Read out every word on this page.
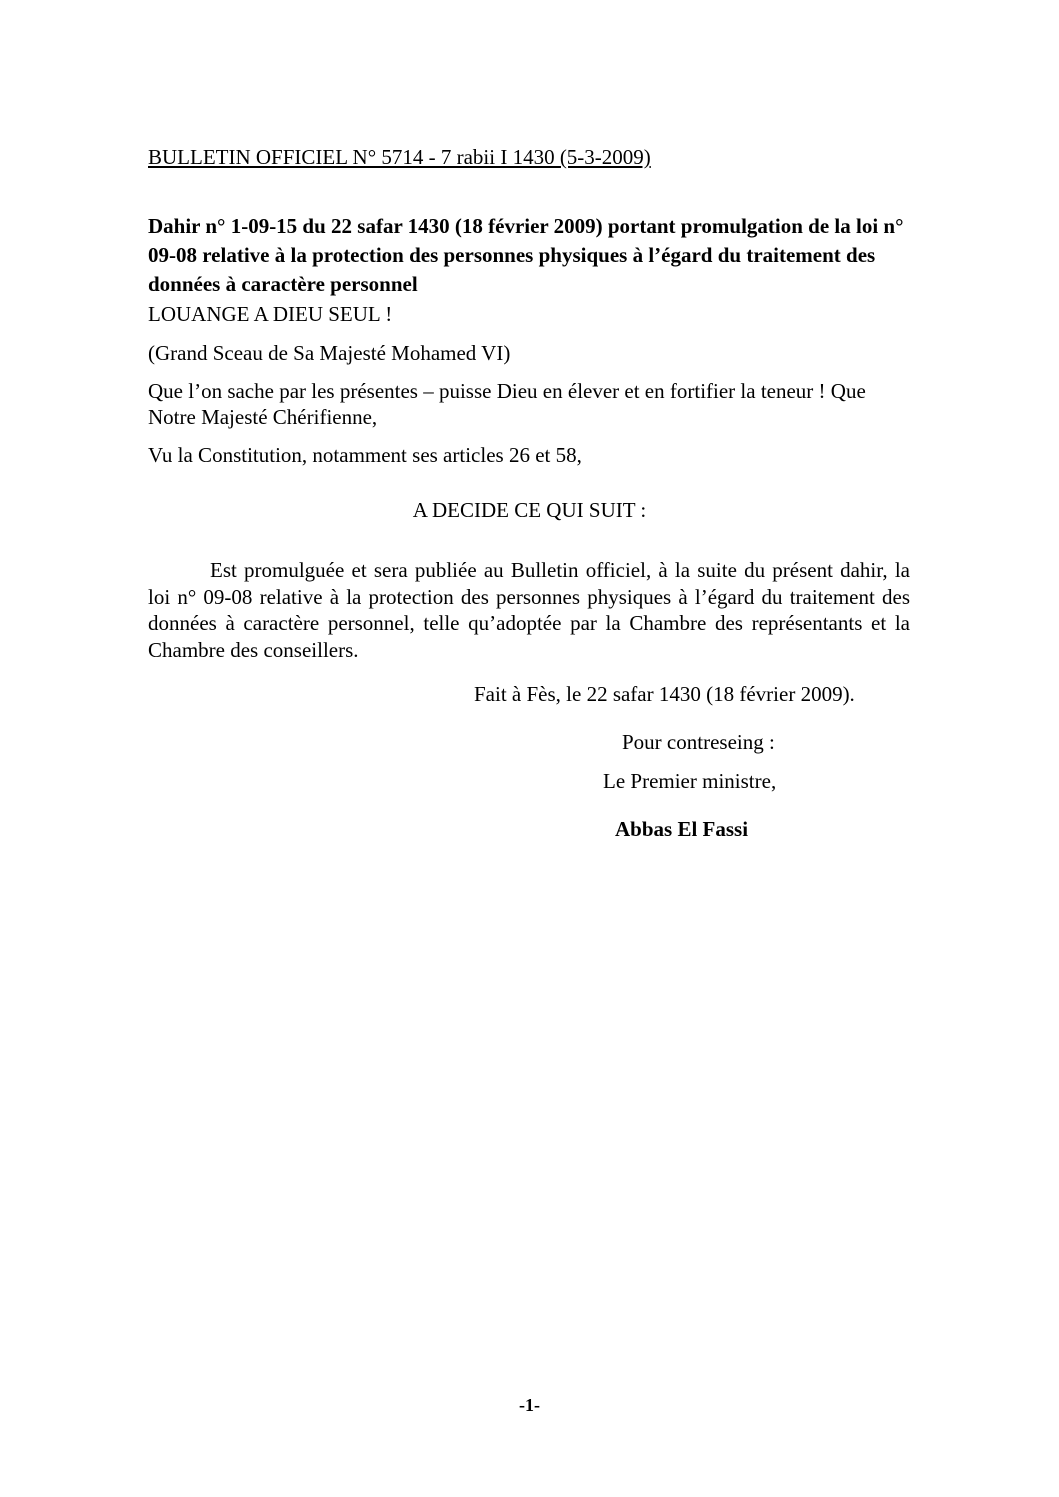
BULLETIN OFFICIEL N° 5714 - 7 rabii I 1430 (5-3-2009)

Dahir n° 1-09-15 du 22 safar 1430 (18 février 2009) portant promulgation de la loi n° 09-08 relative à la protection des personnes physiques à l’égard du traitement des données à caractère personnel

LOUANGE A DIEU SEUL !

(Grand Sceau de Sa Majesté Mohamed VI)

Que l’on sache par les présentes – puisse Dieu en élever et en fortifier la teneur ! Que Notre Majesté Chérifienne,

Vu la Constitution, notamment ses articles 26 et 58,

A DECIDE CE QUI SUIT :

Est promulguée et sera publiée au Bulletin officiel, à la suite du présent dahir, la loi n° 09-08 relative à la protection des personnes physiques à l’égard du traitement des données à caractère personnel, telle qu’adoptée par la Chambre des représentants et la Chambre des conseillers.

Fait à Fès, le 22 safar 1430 (18 février 2009).

Pour contreseing :

Le Premier ministre,

Abbas El Fassi

-1-
